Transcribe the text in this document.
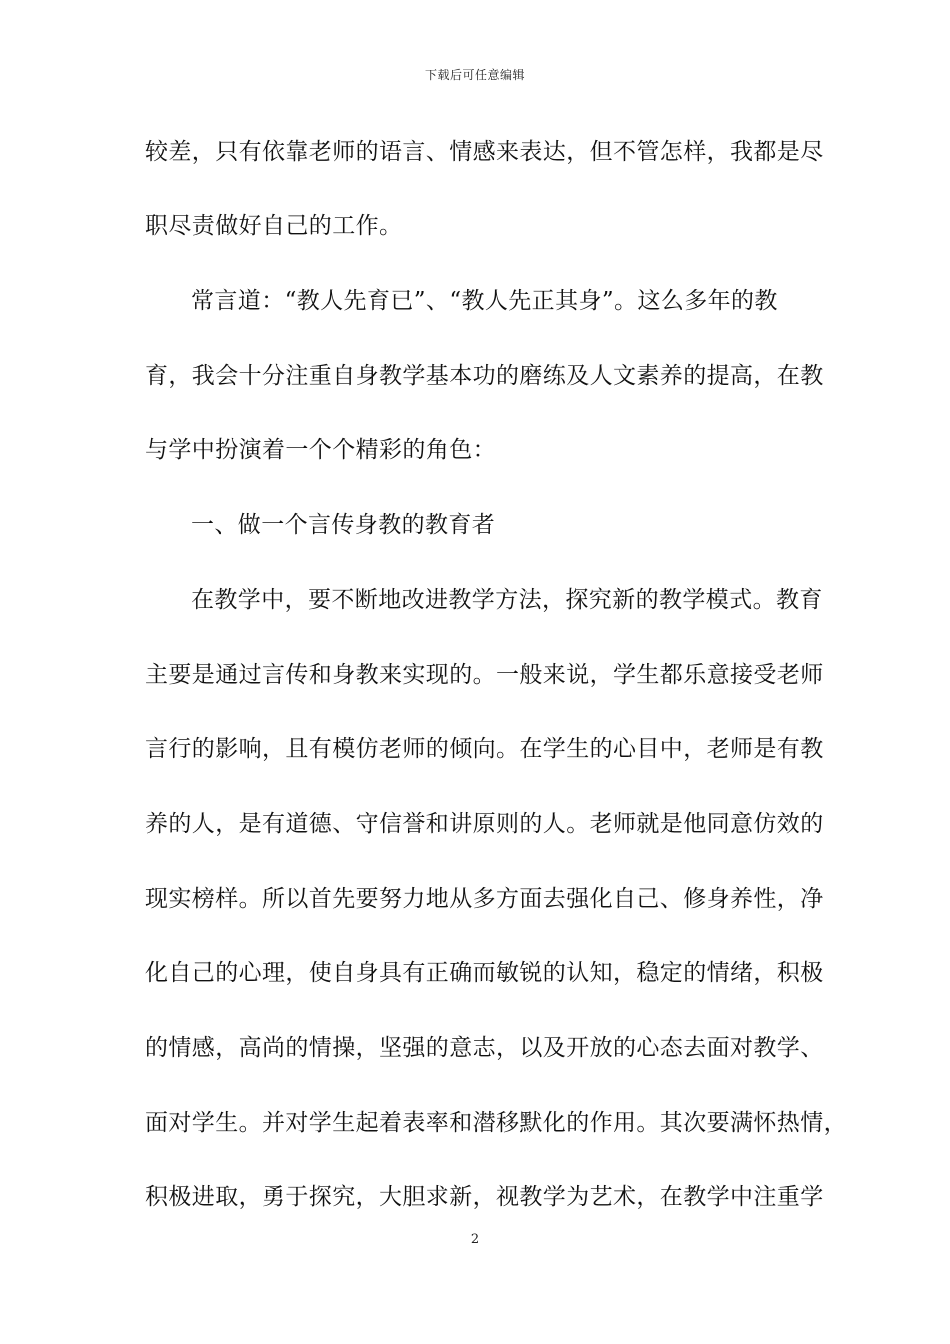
下载后可任意编辑
较差，只有依靠老师的语言、情感来表达，但不管怎样，我都是尽
职尽责做好自己的工作。
常言道：“教人先育已”、“教人先正其身”。这么多年的教
育，我会十分注重自身教学基本功的磨练及人文素养的提高，在教
与学中扮演着一个个精彩的角色：
一、做一个言传身教的教育者
在教学中，要不断地改进教学方法，探究新的教学模式。教育
主要是通过言传和身教来实现的。一般来说，学生都乐意接受老师
言行的影响，且有模仿老师的倾向。在学生的心目中，老师是有教
养的人，是有道德、守信誉和讲原则的人。老师就是他同意仿效的
现实榜样。所以首先要努力地从多方面去强化自己、修身养性，净
化自己的心理，使自身具有正确而敏锐的认知，稳定的情绪，积极
的情感，高尚的情操，坚强的意志，以及开放的心态去面对教学、
面对学生。并对学生起着表率和潜移默化的作用。其次要满怀热情，
积极进取，勇于探究，大胆求新，视教学为艺术，在教学中注重学
2
